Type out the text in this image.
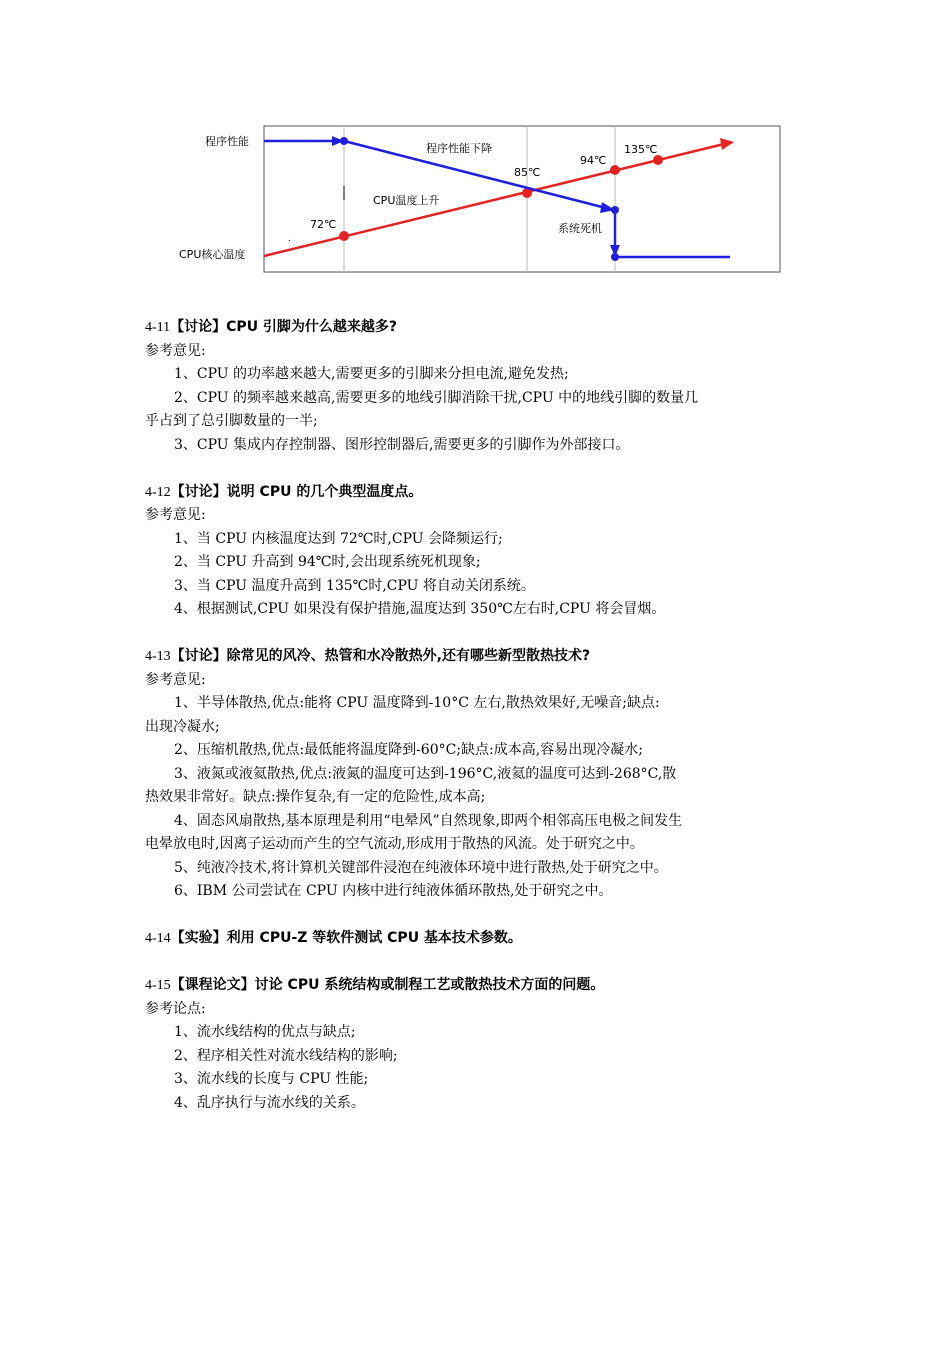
程序性能
CPU核心温度
程序性能下降
CPU温度上升
系统死机
72℃
85℃
94℃
135℃
.
4-11【讨论】CPU 引脚为什么越来越多?
参考意见:
1、CPU 的功率越来越大,需要更多的引脚来分担电流,避免发热;
2、CPU 的频率越来越高,需要更多的地线引脚消除干扰,CPU 中的地线引脚的数量几
乎占到了总引脚数量的一半;
3、CPU 集成内存控制器、图形控制器后,需要更多的引脚作为外部接口。
4-12【讨论】说明 CPU 的几个典型温度点。
参考意见:
1、当 CPU 内核温度达到 72℃时,CPU 会降频运行;
2、当 CPU 升高到 94℃时,会出现系统死机现象;
3、当 CPU 温度升高到 135℃时,CPU 将自动关闭系统。
4、根据测试,CPU 如果没有保护措施,温度达到 350℃左右时,CPU 将会冒烟。
4-13【讨论】除常见的风冷、热管和水冷散热外,还有哪些新型散热技术?
参考意见:
1、半导体散热,优点:能将 CPU 温度降到-10°C 左右,散热效果好,无噪音;缺点:
出现冷凝水;
2、压缩机散热,优点:最低能将温度降到-60°C;缺点:成本高,容易出现冷凝水;
3、液氮或液氦散热,优点:液氮的温度可达到-196°C,液氦的温度可达到-268°C,散
热效果非常好。缺点:操作复杂,有一定的危险性,成本高;
4、固态风扇散热,基本原理是利用“电晕风”自然现象,即两个相邻高压电极之间发生
电晕放电时,因离子运动而产生的空气流动,形成用于散热的风流。处于研究之中。
5、纯液冷技术,将计算机关键部件浸泡在纯液体环境中进行散热,处于研究之中。
6、IBM 公司尝试在 CPU 内核中进行纯液体循环散热,处于研究之中。
4-14【实验】利用 CPU-Z 等软件测试 CPU 基本技术参数。
4-15【课程论文】讨论 CPU 系统结构或制程工艺或散热技术方面的问题。
参考论点:
1、流水线结构的优点与缺点;
2、程序相关性对流水线结构的影响;
3、流水线的长度与 CPU 性能;
4、乱序执行与流水线的关系。
